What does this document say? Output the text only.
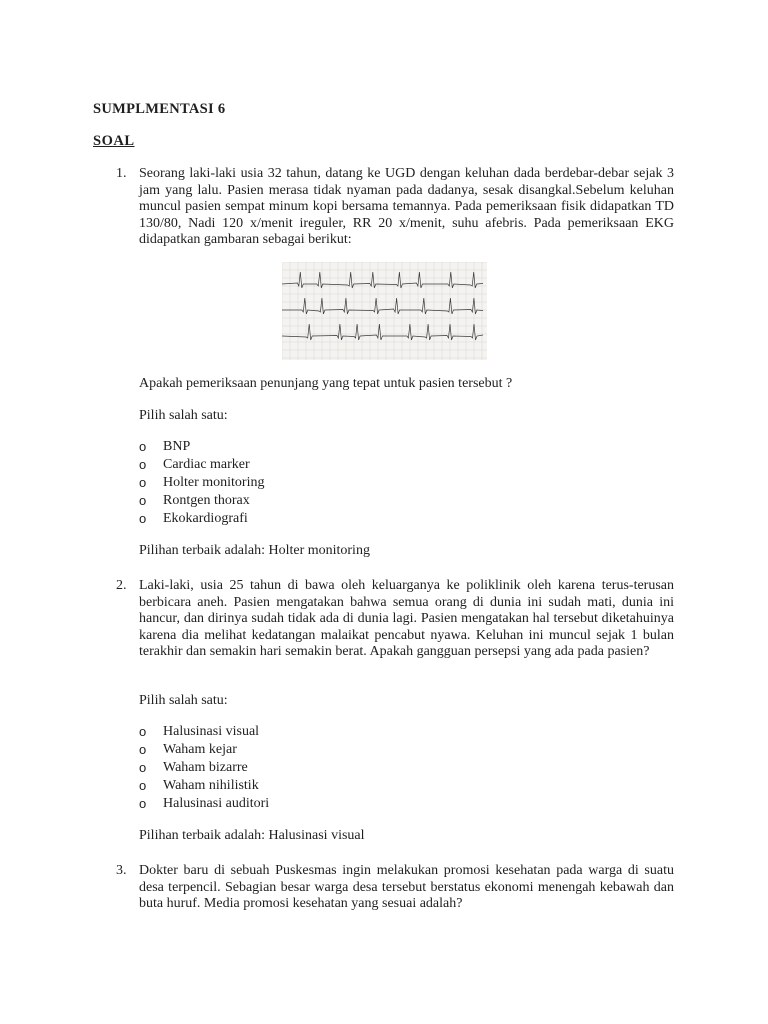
SUMPLMENTASI 6
SOAL
1. Seorang laki-laki usia 32 tahun, datang ke UGD dengan keluhan dada berdebar-debar sejak 3 jam yang lalu. Pasien merasa tidak nyaman pada dadanya, sesak disangkal.Sebelum keluhan muncul pasien sempat minum kopi bersama temannya. Pada pemeriksaan fisik didapatkan TD 130/80, Nadi 120 x/menit ireguler, RR 20 x/menit, suhu afebris. Pada pemeriksaan EKG didapatkan gambaran sebagai berikut:

Apakah pemeriksaan penunjang yang tepat untuk pasien tersebut ?

Pilih salah satu:

o BNP
o Cardiac marker
o Holter monitoring
o Rontgen thorax
o Ekokardiografi

Pilihan terbaik adalah: Holter monitoring

2. Laki-laki, usia 25 tahun di bawa oleh keluarganya ke poliklinik oleh karena terus-terusan berbicara aneh. Pasien mengatakan bahwa semua orang di dunia ini sudah mati, dunia ini hancur, dan dirinya sudah tidak ada di dunia lagi. Pasien mengatakan hal tersebut diketahuinya karena dia melihat kedatangan malaikat pencabut nyawa. Keluhan ini muncul sejak 1 bulan terakhir dan semakin hari semakin berat. Apakah gangguan persepsi yang ada pada pasien?

Pilih salah satu:

o Halusinasi visual
o Waham kejar
o Waham bizarre
o Waham nihilistik
o Halusinasi auditori

Pilihan terbaik adalah: Halusinasi visual

3. Dokter baru di sebuah Puskesmas ingin melakukan promosi kesehatan pada warga di suatu desa terpencil. Sebagian besar warga desa tersebut berstatus ekonomi menengah kebawah dan buta huruf. Media promosi kesehatan yang sesuai adalah?
